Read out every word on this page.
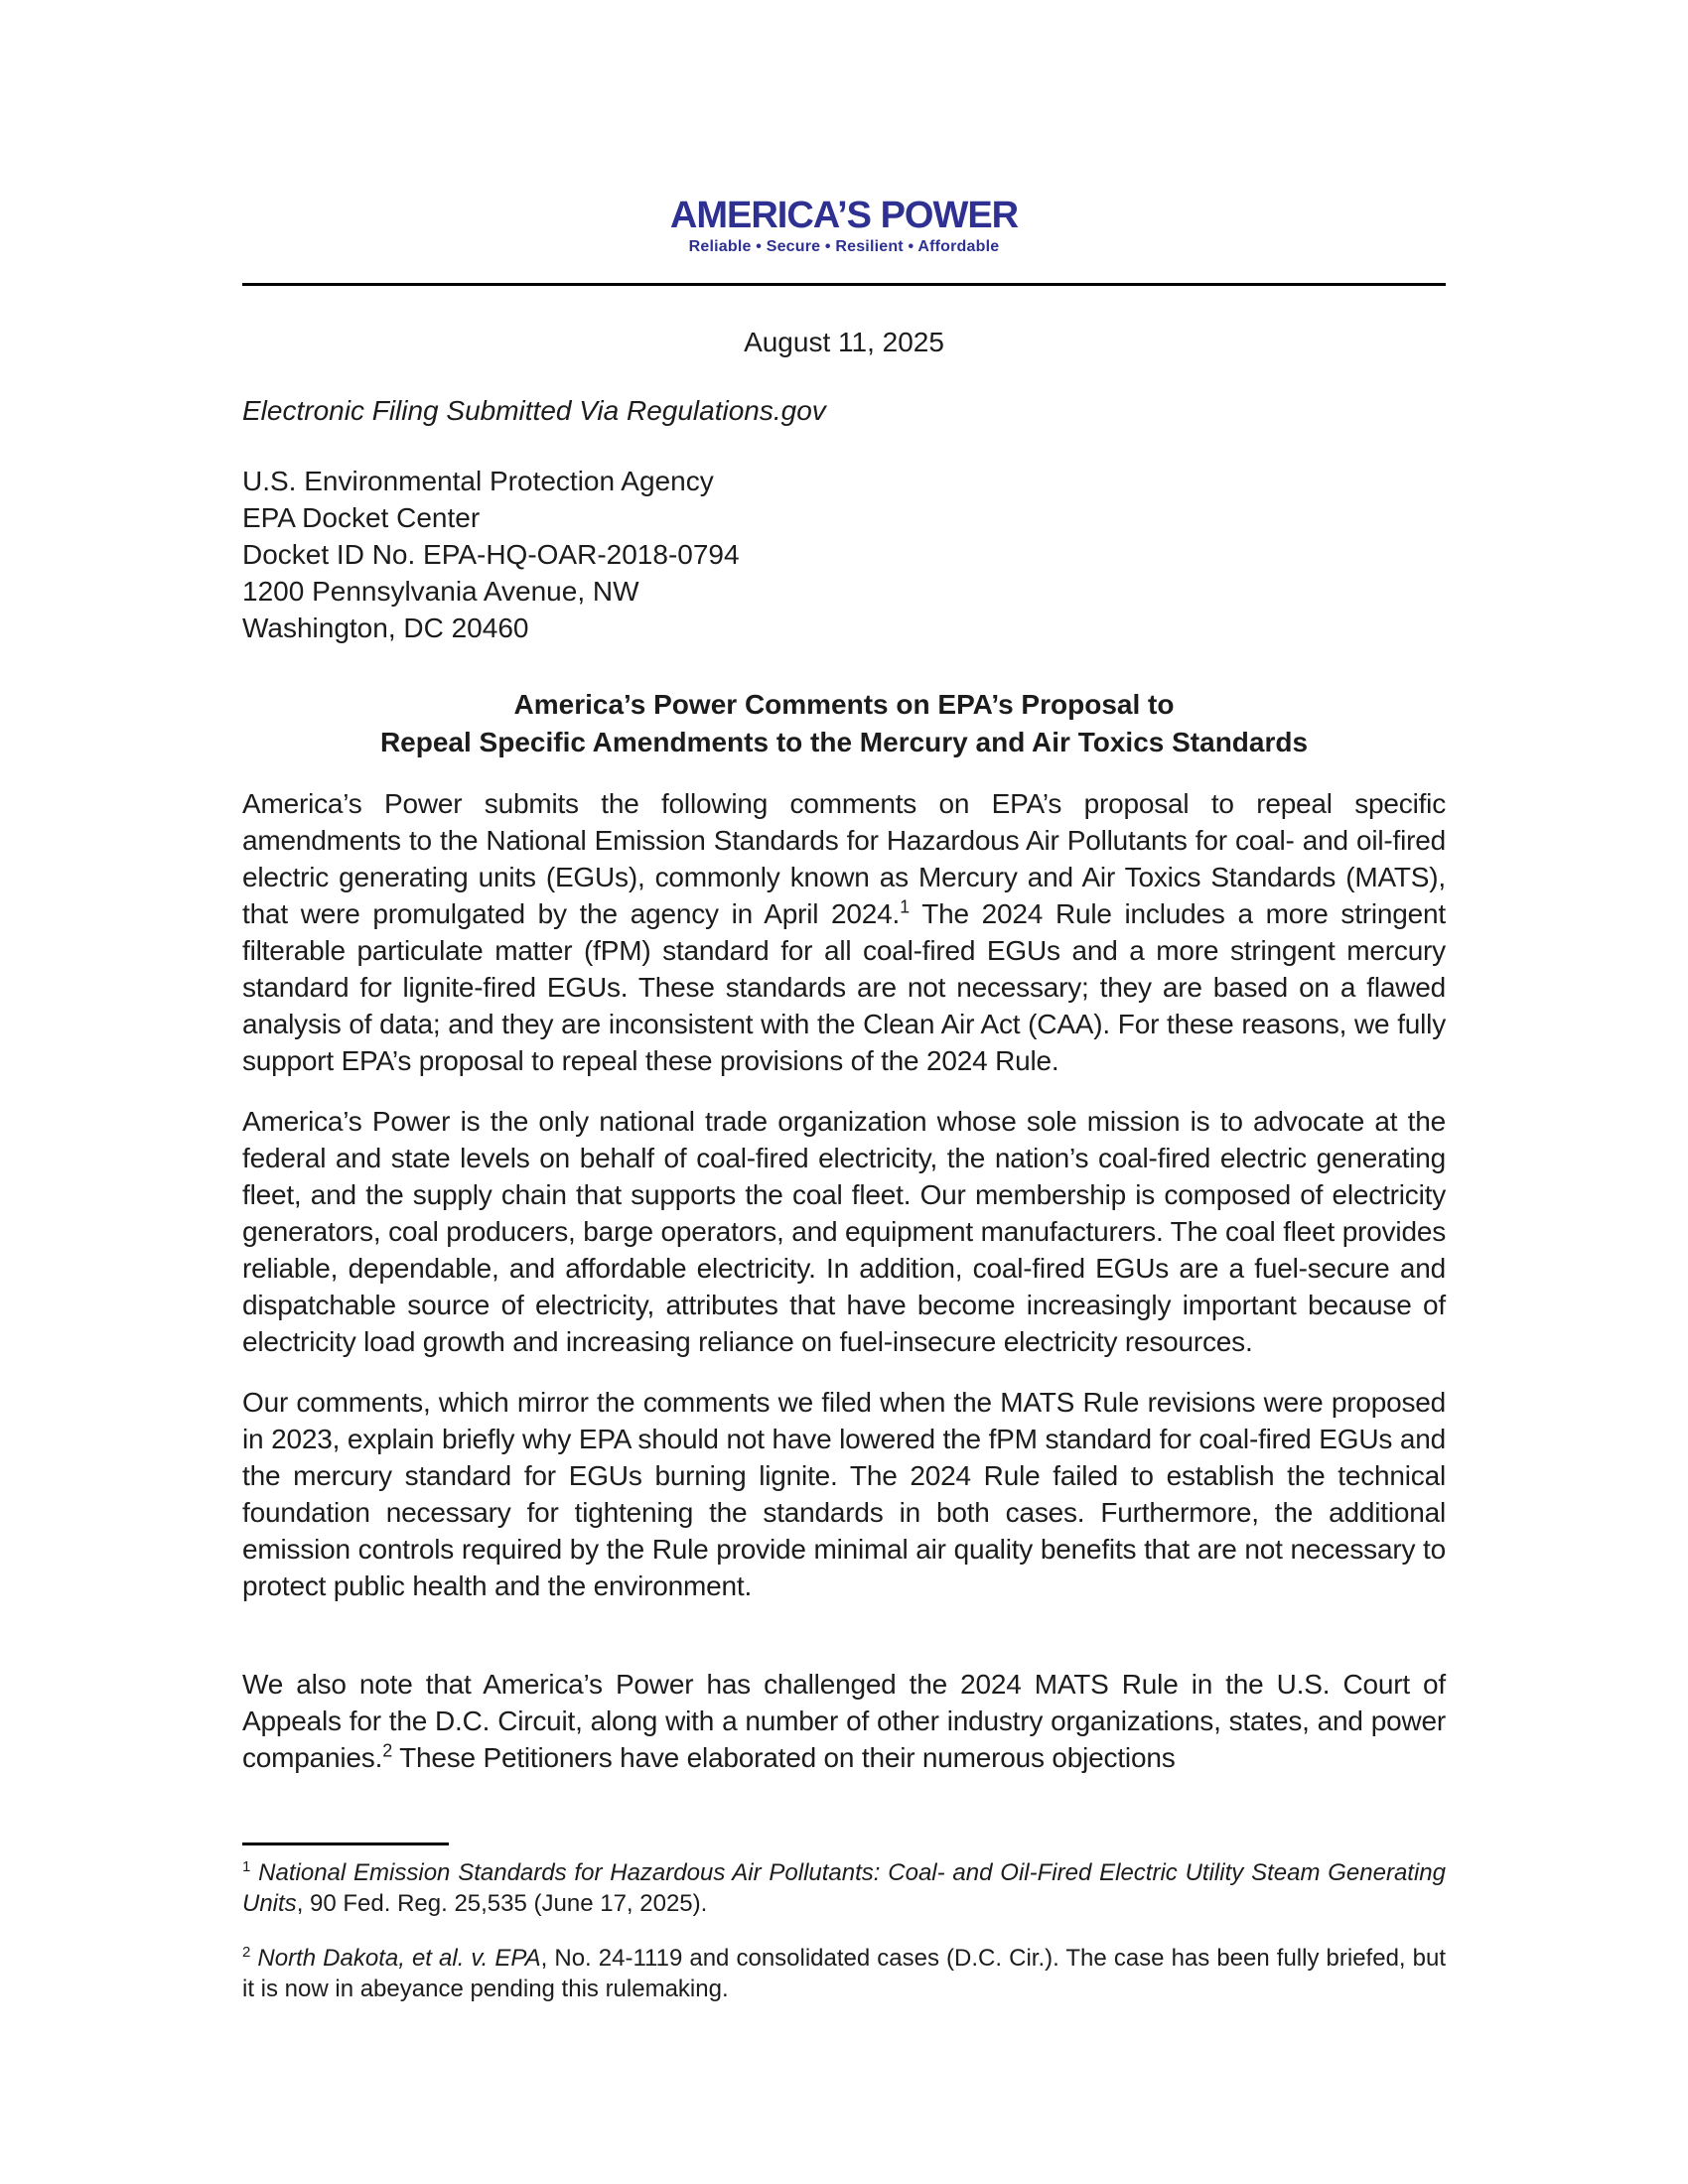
AMERICA’S POWER
Reliable • Secure • Resilient • Affordable
August 11, 2025
Electronic Filing Submitted Via Regulations.gov
U.S. Environmental Protection Agency
EPA Docket Center
Docket ID No. EPA-HQ-OAR-2018-0794
1200 Pennsylvania Avenue, NW
Washington, DC 20460
America’s Power Comments on EPA’s Proposal to
Repeal Specific Amendments to the Mercury and Air Toxics Standards

America’s Power submits the following comments on EPA’s proposal to repeal specific amendments to the National Emission Standards for Hazardous Air Pollutants for coal- and oil-fired electric generating units (EGUs), commonly known as Mercury and Air Toxics Standards (MATS), that were promulgated by the agency in April 2024.$^1$ The 2024 Rule includes a more stringent filterable particulate matter (fPM) standard for all coal-fired EGUs and a more stringent mercury standard for lignite-fired EGUs. These standards are not necessary; they are based on a flawed analysis of data; and they are inconsistent with the Clean Air Act (CAA). For these reasons, we fully support EPA’s proposal to repeal these provisions of the 2024 Rule.

America’s Power is the only national trade organization whose sole mission is to advocate at the federal and state levels on behalf of coal-fired electricity, the nation’s coal-fired electric generating fleet, and the supply chain that supports the coal fleet. Our membership is composed of electricity generators, coal producers, barge operators, and equipment manufacturers. The coal fleet provides reliable, dependable, and affordable electricity. In addition, coal-fired EGUs are a fuel-secure and dispatchable source of electricity, attributes that have become increasingly important because of electricity load growth and increasing reliance on fuel-insecure electricity resources.

Our comments, which mirror the comments we filed when the MATS Rule revisions were proposed in 2023, explain briefly why EPA should not have lowered the fPM standard for coal-fired EGUs and the mercury standard for EGUs burning lignite. The 2024 Rule failed to establish the technical foundation necessary for tightening the standards in both cases. Furthermore, the additional emission controls required by the Rule provide minimal air quality benefits that are not necessary to protect public health and the environment.

We also note that America’s Power has challenged the 2024 MATS Rule in the U.S. Court of Appeals for the D.C. Circuit, along with a number of other industry organizations, states, and power companies.$^2$ These Petitioners have elaborated on their numerous objections

$^1$ National Emission Standards for Hazardous Air Pollutants: Coal- and Oil-Fired Electric Utility Steam Generating Units, 90 Fed. Reg. 25,535 (June 17, 2025).

$^2$ North Dakota, et al. v. EPA, No. 24-1119 and consolidated cases (D.C. Cir.). The case has been fully briefed, but it is now in abeyance pending this rulemaking.
